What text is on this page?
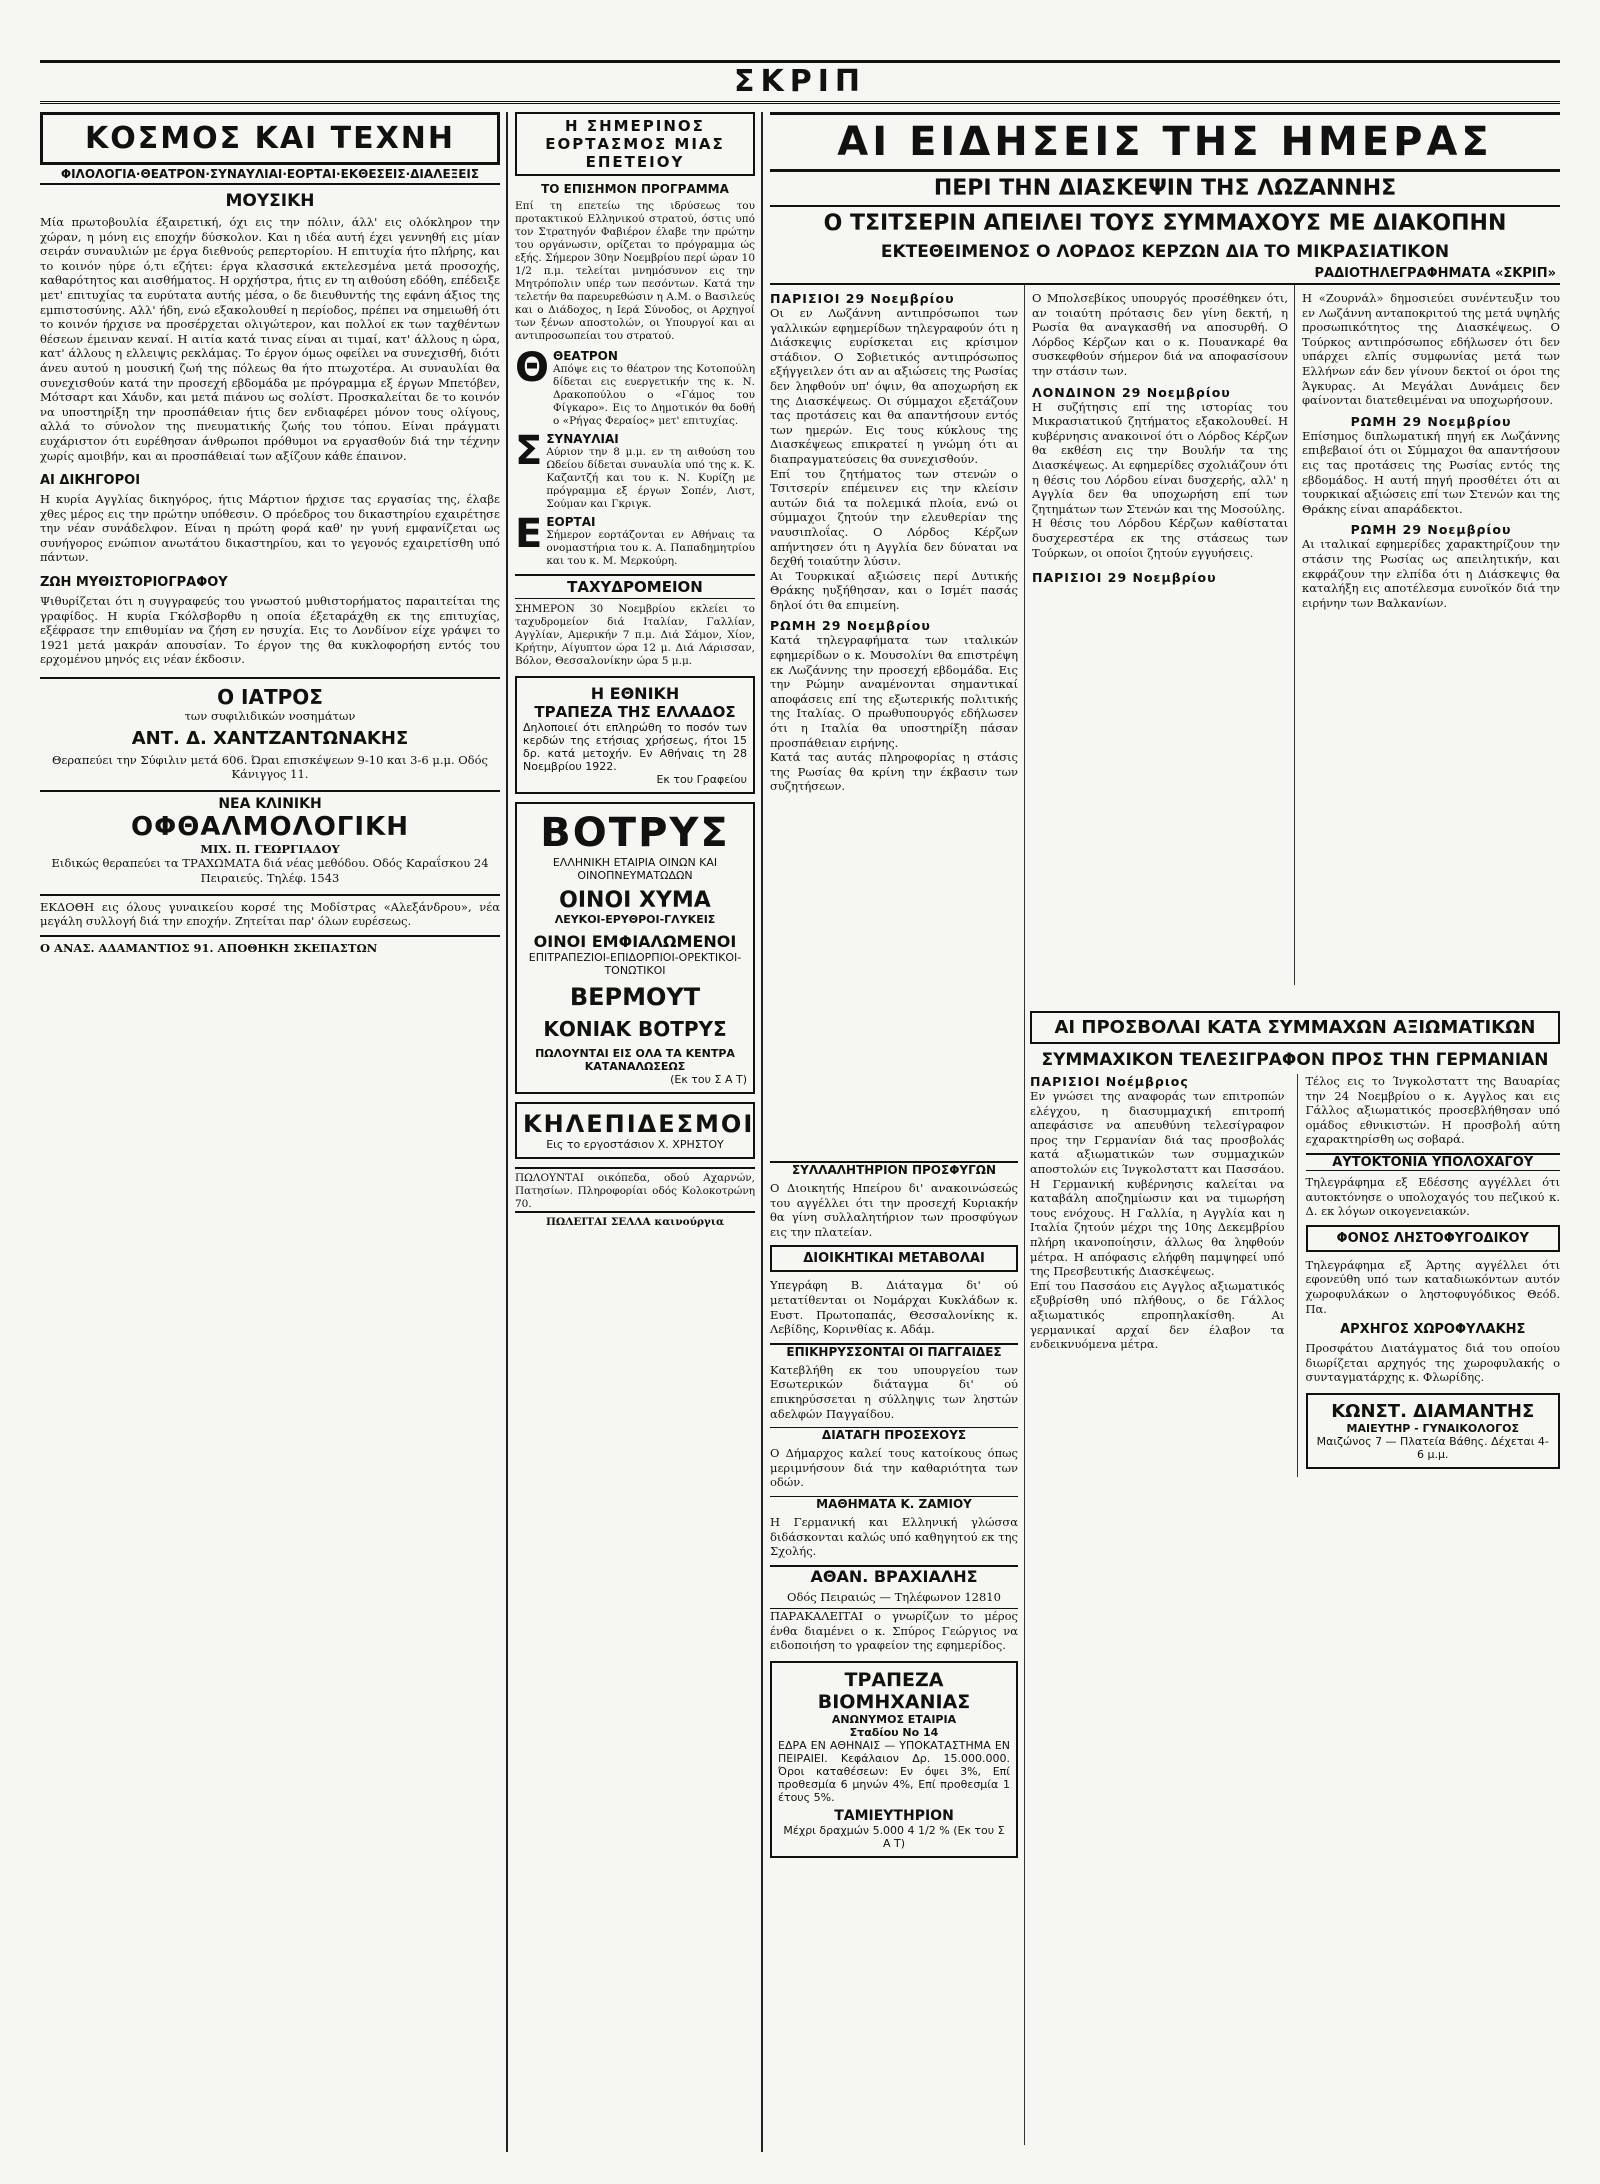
ΣΚΡΙΠ
ΚΟΣΜΟΣ ΚΑΙ ΤΕΧΝΗ
ΦΙΛΟΛΟΓΙΑ·ΘΕΑΤΡΟΝ·ΣΥΝΑΥΛΙΑΙ·ΕΟΡΤΑΙ·ΕΚΘΕΣΕΙΣ·ΔΙΑΛΕΞΕΙΣ
ΜΟΥΣΙΚΗ

Μία πρωτοβουλία έξαιρετική, όχι εις την πόλιν, άλλ' εις ολόκληρον την χώραν, η μόνη εις εποχήν δύσκολον. Και η ιδέα αυτή έχει γεννηθή εις μίαν σειράν συναυλιών με έργα διεθνούς ρεπερτορίου. Η επιτυχία ήτο πλήρης, και το κοινόν ηύρε ό,τι εζήτει: έργα κλασσικά εκτελεσμένα μετά προσοχής, καθαρότητος και αισθήματος. Η ορχήστρα, ήτις εν τη αιθούση εδόθη, επέδειξε μετ' επιτυχίας τα ευρύτατα αυτής μέσα, ο δε διευθυντής της εφάνη άξιος της εμπιστοσύνης. Αλλ' ήδη, ενώ εξακολουθεί η περίοδος, πρέπει να σημειωθή ότι το κοινόν ήρχισε να προσέρχεται ολιγώτερον, και πολλοί εκ των ταχθέντων θέσεων έμειναν κεναί. Η αιτία κατά τινας είναι αι τιμαί, κατ' άλλους η ώρα, κατ' άλλους η ελλειψις ρεκλάμας. Το έργον όμως οφείλει να συνεχισθή, διότι άνευ αυτού η μουσική ζωή της πόλεως θα ήτο πτωχοτέρα. Αι συναυλίαι θα συνεχισθούν κατά την προσεχή εβδομάδα με πρόγραμμα εξ έργων Μπετόβεν, Μότσαρτ και Χάυδν, και μετά πιάνου ως σολίστ. Προσκαλείται δε το κοινόν να υποστηρίξη την προσπάθειαν ήτις δεν ενδιαφέρει μόνον τους ολίγους, αλλά το σύνολον της πνευματικής ζωής του τόπου. Είναι πράγματι ευχάριστον ότι ευρέθησαν άνθρωποι πρόθυμοι να εργασθούν διά την τέχνην χωρίς αμοιβήν, και αι προσπάθειαί των αξίζουν κάθε έπαινον.

ΑΙ ΔΙΚΗΓΟΡΟΙ

Η κυρία Αγγλίας δικηγόρος, ήτις Μάρτιον ήρχισε τας εργασίας της, έλαβε χθες μέρος εις την πρώτην υπόθεσιν. Ο πρόεδρος του δικαστηρίου εχαιρέτησε την νέαν συνάδελφον. Είναι η πρώτη φορά καθ' ην γυνή εμφανίζεται ως συνήγορος ενώπιον ανωτάτου δικαστηρίου, και το γεγονός εχαιρετίσθη υπό πάντων.

ΖΩΗ ΜΥΘΙΣΤΟΡΙΟΓΡΑΦΟΥ

Ψιθυρίζεται ότι η συγγραφεύς του γνωστού μυθιστορήματος παραιτείται της γραφίδος. Η κυρία Γκόλσβορθυ η οποία έξεταράχθη εκ της επιτυχίας, εξέφρασε την επιθυμίαν να ζήση εν ησυχία. Εις το Λονδίνον είχε γράψει το 1921 μετά μακράν απουσίαν. Το έργον της θα κυκλοφορήση εντός του ερχομένου μηνός εις νέαν έκδοσιν.

Ο ΙΑΤΡΟΣ
των συφιλιδικών νοσημάτων
ΑΝΤ. Δ. ΧΑΝΤΖΑΝΤΩΝΑΚΗΣ
Θεραπεύει την Σύφιλιν μετά 606. Ώραι επισκέψεων 9-10 και 3-6 μ.μ. Οδός Κάνιγγος 11.
ΝΕΑ ΚΛΙΝΙΚΗ
ΟΦΘΑΛΜΟΛΟΓΙΚΗ
ΜΙΧ. Π. ΓΕΩΡΓΙΑΔΟΥ
Ειδικώς θεραπεύει τα ΤΡΑΧΩΜΑΤΑ διά νέας μεθόδου. Οδός Καραΐσκου 24 Πειραιεύς. Τηλέφ. 1543

ΕΚΔΟΘΗ εις όλους γυναικείου κορσέ της Μοδίστρας «Αλεξάνδρου», νέα μεγάλη συλλογή διά την εποχήν. Ζητείται παρ' όλων ευρέσεως.

Ο ΑΝΑΣ. ΑΔΑΜΑΝΤΙΟΣ 91. ΑΠΟΘΗΚΗ ΣΚΕΠΑΣΤΩΝ

Η ΣΗΜΕΡΙΝΟΣ
ΕΟΡΤΑΣΜΟΣ ΜΙΑΣ ΕΠΕΤΕΙΟΥ
ΤΟ ΕΠΙΣΗΜΟΝ ΠΡΟΓΡΑΜΜΑ

Επί τη επετείω της ιδρύσεως του προτακτικού Ελληνικού στρατού, όστις υπό τον Στρατηγόν Φαβιέρον έλαβε την πρώτην του οργάνωσιν, ορίζεται το πρόγραμμα ώς εξής. Σήμερον 30ην Νοεμβρίου περί ώραν 10 1/2 π.μ. τελείται μνημόσυνον εις την Μητρόπολιν υπέρ των πεσόντων. Κατά την τελετήν θα παρευρεθώσιν η Α.Μ. ο Βασιλεύς και ο Διάδοχος, η Ιερά Σύνοδος, οι Αρχηγοί των ξένων αποστολών, οι Υπουργοί και αι αντιπροσωπείαι του στρατού.

Θ ΘΕΑΤΡΟΝ

Απόψε εις το θέατρον της Κοτοπούλη δίδεται εις ευεργετικήν της κ. Ν. Δρακοπούλου ο «Γάμος του Φίγκαρο». Εις το Δημοτικόν θα δοθή ο «Ρήγας Φεραίος» μετ' επιτυχίας.

Σ ΣΥΝΑΥΛΙΑΙ

Αύριον την 8 μ.μ. εν τη αιθούση του Ωδείου δίδεται συναυλία υπό της κ. Κ. Καζαντζή και του κ. Ν. Κυρίζη με πρόγραμμα εξ έργων Σοπέν, Λιστ, Σούμαν και Γκριγκ.

Ε ΕΟΡΤΑΙ

Σήμερον εορτάζονται εν Αθήναις τα ονομαστήρια του κ. Α. Παπαδημητρίου και του κ. Μ. Μερκούρη.

ΤΑΧΥΔΡΟΜΕΙΟΝ

ΣΗΜΕΡΟΝ 30 Νοεμβρίου εκλείει το ταχυδρομείον διά Ιταλίαν, Γαλλίαν, Αγγλίαν, Αμερικήν 7 π.μ. Διά Σάμον, Χίον, Κρήτην, Αίγυπτον ώρα 12 μ. Διά Λάρισσαν, Βόλον, Θεσσαλονίκην ώρα 5 μ.μ.

Η ΕΘΝΙΚΗ
ΤΡΑΠΕΖΑ ΤΗΣ ΕΛΛΑΔΟΣ
Δηλοποιεί ότι επληρώθη το ποσόν των κερδών της ετήσιας χρήσεως, ήτοι 15 δρ. κατά μετοχήν. Εν Αθήναις τη 28 Νοεμβρίου 1922.
Εκ του Γραφείου
ΒΟΤΡΥΣ
ΕΛΛΗΝΙΚΗ ΕΤΑΙΡΙΑ ΟΙΝΩΝ ΚΑΙ ΟΙΝΟΠΝΕΥΜΑΤΩΔΩΝ
ΟΙΝΟΙ ΧΥΜΑ
ΛΕΥΚΟΙ-ΕΡΥΘΡΟΙ-ΓΛΥΚΕΙΣ
ΟΙΝΟΙ ΕΜΦΙΑΛΩΜΕΝΟΙ
ΕΠΙΤΡΑΠΕΖΙΟΙ-ΕΠΙΔΟΡΠΙΟΙ-ΟΡΕΚΤΙΚΟΙ-ΤΟΝΩΤΙΚΟΙ
ΒΕΡΜΟΥΤ
ΚΟΝΙΑΚ ΒΟΤΡΥΣ
ΠΩΛΟΥΝΤΑΙ ΕΙΣ ΟΛΑ ΤΑ ΚΕΝΤΡΑ ΚΑΤΑΝΑΛΩΣΕΩΣ
(Εκ του Σ Α Τ)
ΚΗΛΕΠΙΔΕΣΜΟΙ
Εις το εργοστάσιον Χ. ΧΡΗΣΤΟΥ

ΠΩΛΟΥΝΤΑΙ οικόπεδα, οδού Αχαρνών, Πατησίων. Πληροφορίαι οδός Κολοκοτρώνη 70.

ΠΩΛΕΙΤΑΙ ΣΕΛΛΑ καινούργια

ΑΙ ΕΙΔΗΣΕΙΣ ΤΗΣ ΗΜΕΡΑΣ
ΠΕΡΙ ΤΗΝ ΔΙΑΣΚΕΨΙΝ ΤΗΣ ΛΩΖΑΝΝΗΣ
Ο ΤΣΙΤΣΕΡΙΝ ΑΠΕΙΛΕΙ ΤΟΥΣ ΣΥΜΜΑΧΟΥΣ ΜΕ ΔΙΑΚΟΠΗΝ
ΕΚΤΕΘΕΙΜΕΝΟΣ Ο ΛΟΡΔΟΣ ΚΕΡΖΩΝ ΔΙΑ ΤΟ ΜΙΚΡΑΣΙΑΤΙΚΟΝ
ΡΑΔΙΟΤΗΛΕΓΡΑΦΗΜΑΤΑ «ΣΚΡΙΠ»
ΠΑΡΙΣΙΟΙ 29 Νοεμβρίου

Οι εν Λωζάννη αντιπρόσωποι των γαλλικών εφημερίδων τηλεγραφούν ότι η Διάσκεψις ευρίσκεται εις κρίσιμον στάδιον. Ο Σοβιετικός αντιπρόσωπος εξήγγειλεν ότι αν αι αξιώσεις της Ρωσίας δεν ληφθούν υπ' όψιν, θα αποχωρήση εκ της Διασκέψεως. Οι σύμμαχοι εξετάζουν τας προτάσεις και θα απαντήσουν εντός των ημερών. Εις τους κύκλους της Διασκέψεως επικρατεί η γνώμη ότι αι διαπραγματεύσεις θα συνεχισθούν.

Επί του ζητήματος των στενών ο Τσιτσερίν επέμεινεν εις την κλείσιν αυτών διά τα πολεμικά πλοία, ενώ οι σύμμαχοι ζητούν την ελευθερίαν της ναυσιπλοΐας. Ο Λόρδος Κέρζων απήντησεν ότι η Αγγλία δεν δύναται να δεχθή τοιαύτην λύσιν.

Αι Τουρκικαί αξιώσεις περί Δυτικής Θράκης ηυξήθησαν, και ο Ισμέτ πασάς δηλοί ότι θα επιμείνη.

ΡΩΜΗ 29 Νοεμβρίου

Κατά τηλεγραφήματα των ιταλικών εφημερίδων ο κ. Μουσολίνι θα επιστρέψη εκ Λωζάννης την προσεχή εβδομάδα. Εις την Ρώμην αναμένονται σημαντικαί αποφάσεις επί της εξωτερικής πολιτικής της Ιταλίας. Ο πρωθυπουργός εδήλωσεν ότι η Ιταλία θα υποστηρίξη πάσαν προσπάθειαν ειρήνης.

Κατά τας αυτάς πληροφορίας η στάσις της Ρωσίας θα κρίνη την έκβασιν των συζητήσεων.

Ο Μπολσεβίκος υπουργός προσέθηκεν ότι, αν τοιαύτη πρότασις δεν γίνη δεκτή, η Ρωσία θα αναγκασθή να αποσυρθή. Ο Λόρδος Κέρζων και ο κ. Πουανκαρέ θα συσκεφθούν σήμερον διά να αποφασίσουν την στάσιν των.

ΛΟΝΔΙΝΟΝ 29 Νοεμβρίου

Η συζήτησις επί της ιστορίας του Μικρασιατικού ζητήματος εξακολουθεί. Η κυβέρνησις ανακοινοί ότι ο Λόρδος Κέρζων θα εκθέση εις την Βουλήν τα της Διασκέψεως. Αι εφημερίδες σχολιάζουν ότι η θέσις του Λόρδου είναι δυσχερής, αλλ' η Αγγλία δεν θα υποχωρήση επί των ζητημάτων των Στενών και της Μοσούλης.

Η θέσις του Λόρδου Κέρζων καθίσταται δυσχερεστέρα εκ της στάσεως των Τούρκων, οι οποίοι ζητούν εγγυήσεις.

ΠΑΡΙΣΙΟΙ 29 Νοεμβρίου

Η «Ζουρνάλ» δημοσιεύει συνέντευξιν του εν Λωζάννη ανταποκριτού της μετά υψηλής προσωπικότητος της Διασκέψεως. Ο Τούρκος αντιπρόσωπος εδήλωσεν ότι δεν υπάρχει ελπίς συμφωνίας μετά των Ελλήνων εάν δεν γίνουν δεκτοί οι όροι της Άγκυρας. Αι Μεγάλαι Δυνάμεις δεν φαίνονται διατεθειμέναι να υποχωρήσουν.

ΡΩΜΗ 29 Νοεμβρίου

Επίσημος διπλωματική πηγή εκ Λωζάννης επιβεβαιοί ότι οι Σύμμαχοι θα απαντήσουν εις τας προτάσεις της Ρωσίας εντός της εβδομάδος. Η αυτή πηγή προσθέτει ότι αι τουρκικαί αξιώσεις επί των Στενών και της Θράκης είναι απαράδεκτοι.

ΡΩΜΗ 29 Νοεμβρίου

Αι ιταλικαί εφημερίδες χαρακτηρίζουν την στάσιν της Ρωσίας ως απειλητικήν, και εκφράζουν την ελπίδα ότι η Διάσκεψις θα καταλήξη εις αποτέλεσμα ευνοϊκόν διά την ειρήνην των Βαλκανίων.

ΑΙ ΠΡΟΣΒΟΛΑΙ ΚΑΤΑ ΣΥΜΜΑΧΩΝ ΑΞΙΩΜΑΤΙΚΩΝ
ΣΥΜΜΑΧΙΚΟΝ ΤΕΛΕΣΙΓΡΑΦΟΝ ΠΡΟΣ ΤΗΝ ΓΕΡΜΑΝΙΑΝ
ΠΑΡΙΣΙΟΙ Νοέμβριος

Εν γνώσει της αναφοράς των επιτροπών ελέγχου, η διασυμμαχική επιτροπή απεφάσισε να απευθύνη τελεσίγραφον προς την Γερμανίαν διά τας προσβολάς κατά αξιωματικών των συμμαχικών αποστολών εις Ίνγκολσταττ και Πασσάου. Η Γερμανική κυβέρνησις καλείται να καταβάλη αποζημίωσιν και να τιμωρήση τους ενόχους. Η Γαλλία, η Αγγλία και η Ιταλία ζητούν μέχρι της 10ης Δεκεμβρίου πλήρη ικανοποίησιν, άλλως θα ληφθούν μέτρα. Η απόφασις ελήφθη παμψηφεί υπό της Πρεσβευτικής Διασκέψεως.

Επί του Πασσάου εις Αγγλος αξιωματικός εξυβρίσθη υπό πλήθους, ο δε Γάλλος αξιωματικός επροπηλακίσθη. Αι γερμανικαί αρχαί δεν έλαβον τα ενδεικνυόμενα μέτρα.

Τέλος εις το Ίνγκολσταττ της Βαυαρίας την 24 Νοεμβρίου ο κ. Αγγλος και εις Γάλλος αξιωματικός προσεβλήθησαν υπό ομάδος εθνικιστών. Η προσβολή αύτη εχαρακτηρίσθη ως σοβαρά.

ΑΥΤΟΚΤΟΝΙΑ ΥΠΟΛΟΧΑΓΟΥ

Τηλεγράφημα εξ Εδέσσης αγγέλλει ότι αυτοκτόνησε ο υπολοχαγός του πεζικού κ. Δ. εκ λόγων οικογενειακών.

ΦΟΝΟΣ ΛΗΣΤΟΦΥΓΟΔΙΚΟΥ

Τηλεγράφημα εξ Άρτης αγγέλλει ότι εφονεύθη υπό των καταδιωκόντων αυτόν χωροφυλάκων ο ληστοφυγόδικος Θεόδ. Πα.

ΑΡΧΗΓΟΣ ΧΩΡΟΦΥΛΑΚΗΣ

Προσφάτου Διατάγματος διά του οποίου διωρίζεται αρχηγός της χωροφυλακής ο συνταγματάρχης κ. Φλωρίδης.

ΚΩΝΣΤ. ΔΙΑΜΑΝΤΗΣ
ΜΑΙΕΥΤΗΡ - ΓΥΝΑΙΚΟΛΟΓΟΣ
Μαιζώνος 7 — Πλατεία Βάθης. Δέχεται 4-6 μ.μ.
ΣΥΛΛΑΛΗΤΗΡΙΟΝ ΠΡΟΣΦΥΓΩΝ

Ο Διοικητής Ηπείρου δι' ανακοινώσεώς του αγγέλλει ότι την προσεχή Κυριακήν θα γίνη συλλαλητήριον των προσφύγων εις την πλατείαν.

ΔΙΟΙΚΗΤΙΚΑΙ ΜΕΤΑΒΟΛΑΙ

Υπεγράφη Β. Διάταγμα δι' ού μετατίθενται οι Νομάρχαι Κυκλάδων κ. Ευστ. Πρωτοπαπάς, Θεσσαλονίκης κ. Λεβίδης, Κορινθίας κ. Αδάμ.

ΕΠΙΚΗΡΥΣΣΟΝΤΑΙ ΟΙ ΠΑΓΓΑΙΔΕΣ

Κατεβλήθη εκ του υπουργείου των Εσωτερικών διάταγμα δι' ού επικηρύσσεται η σύλληψις των ληστών αδελφών Παγγαίδου.

ΔΙΑΤΑΓΗ ΠΡΟΣΕΧΟΥΣ

Ο Δήμαρχος καλεί τους κατοίκους όπως μεριμνήσουν διά την καθαριότητα των οδών.

ΜΑΘΗΜΑΤΑ Κ. ΖΑΜΙΟΥ

Η Γερμανική και Ελληνική γλώσσα διδάσκονται καλώς υπό καθηγητού εκ της Σχολής.

ΑΘΑΝ. ΒΡΑΧΙΑΛΗΣ
Οδός Πειραιώς — Τηλέφωνον 12810

ΠΑΡΑΚΑΛΕΙΤΑΙ ο γνωρίζων το μέρος ένθα διαμένει ο κ. Σπύρος Γεώργιος να ειδοποιήση το γραφείον της εφημερίδος.

ΤΡΑΠΕΖΑ ΒΙΟΜΗΧΑΝΙΑΣ
ΑΝΩΝΥΜΟΣ ΕΤΑΙΡΙΑ
Σταδίου Νο 14
ΕΔΡΑ ΕΝ ΑΘΗΝΑΙΣ — ΥΠΟΚΑΤΑΣΤΗΜΑ ΕΝ ΠΕΙΡΑΙΕΙ. Κεφάλαιον Δρ. 15.000.000. Όροι καταθέσεων: Εν όψει 3%, Επί προθεσμία 6 μηνών 4%, Επί προθεσμία 1 έτους 5%.
ΤΑΜΙΕΥΤΗΡΙΟΝ
Μέχρι δραχμών 5.000 4 1/2 % (Εκ του Σ Α Τ)
